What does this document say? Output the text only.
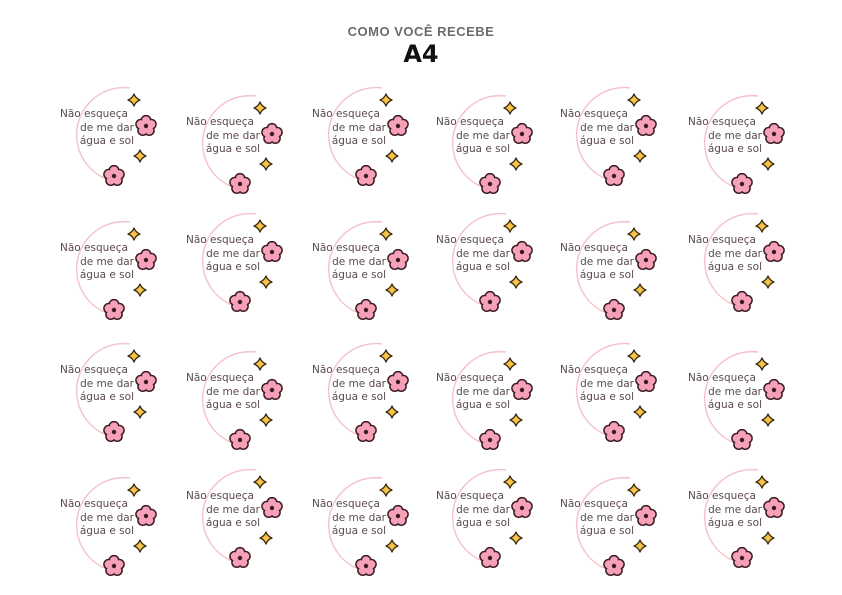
COMO VOCÊ RECEBE
A4
Não esqueça
de me dar
água e sol
Não esqueça
de me dar
água e sol
Não esqueça
de me dar
água e sol
Não esqueça
de me dar
água e sol
Não esqueça
de me dar
água e sol
Não esqueça
de me dar
água e sol
Não esqueça
de me dar
água e sol
Não esqueça
de me dar
água e sol
Não esqueça
de me dar
água e sol
Não esqueça
de me dar
água e sol
Não esqueça
de me dar
água e sol
Não esqueça
de me dar
água e sol
Não esqueça
de me dar
água e sol
Não esqueça
de me dar
água e sol
Não esqueça
de me dar
água e sol
Não esqueça
de me dar
água e sol
Não esqueça
de me dar
água e sol
Não esqueça
de me dar
água e sol
Não esqueça
de me dar
água e sol
Não esqueça
de me dar
água e sol
Não esqueça
de me dar
água e sol
Não esqueça
de me dar
água e sol
Não esqueça
de me dar
água e sol
Não esqueça
de me dar
água e sol
